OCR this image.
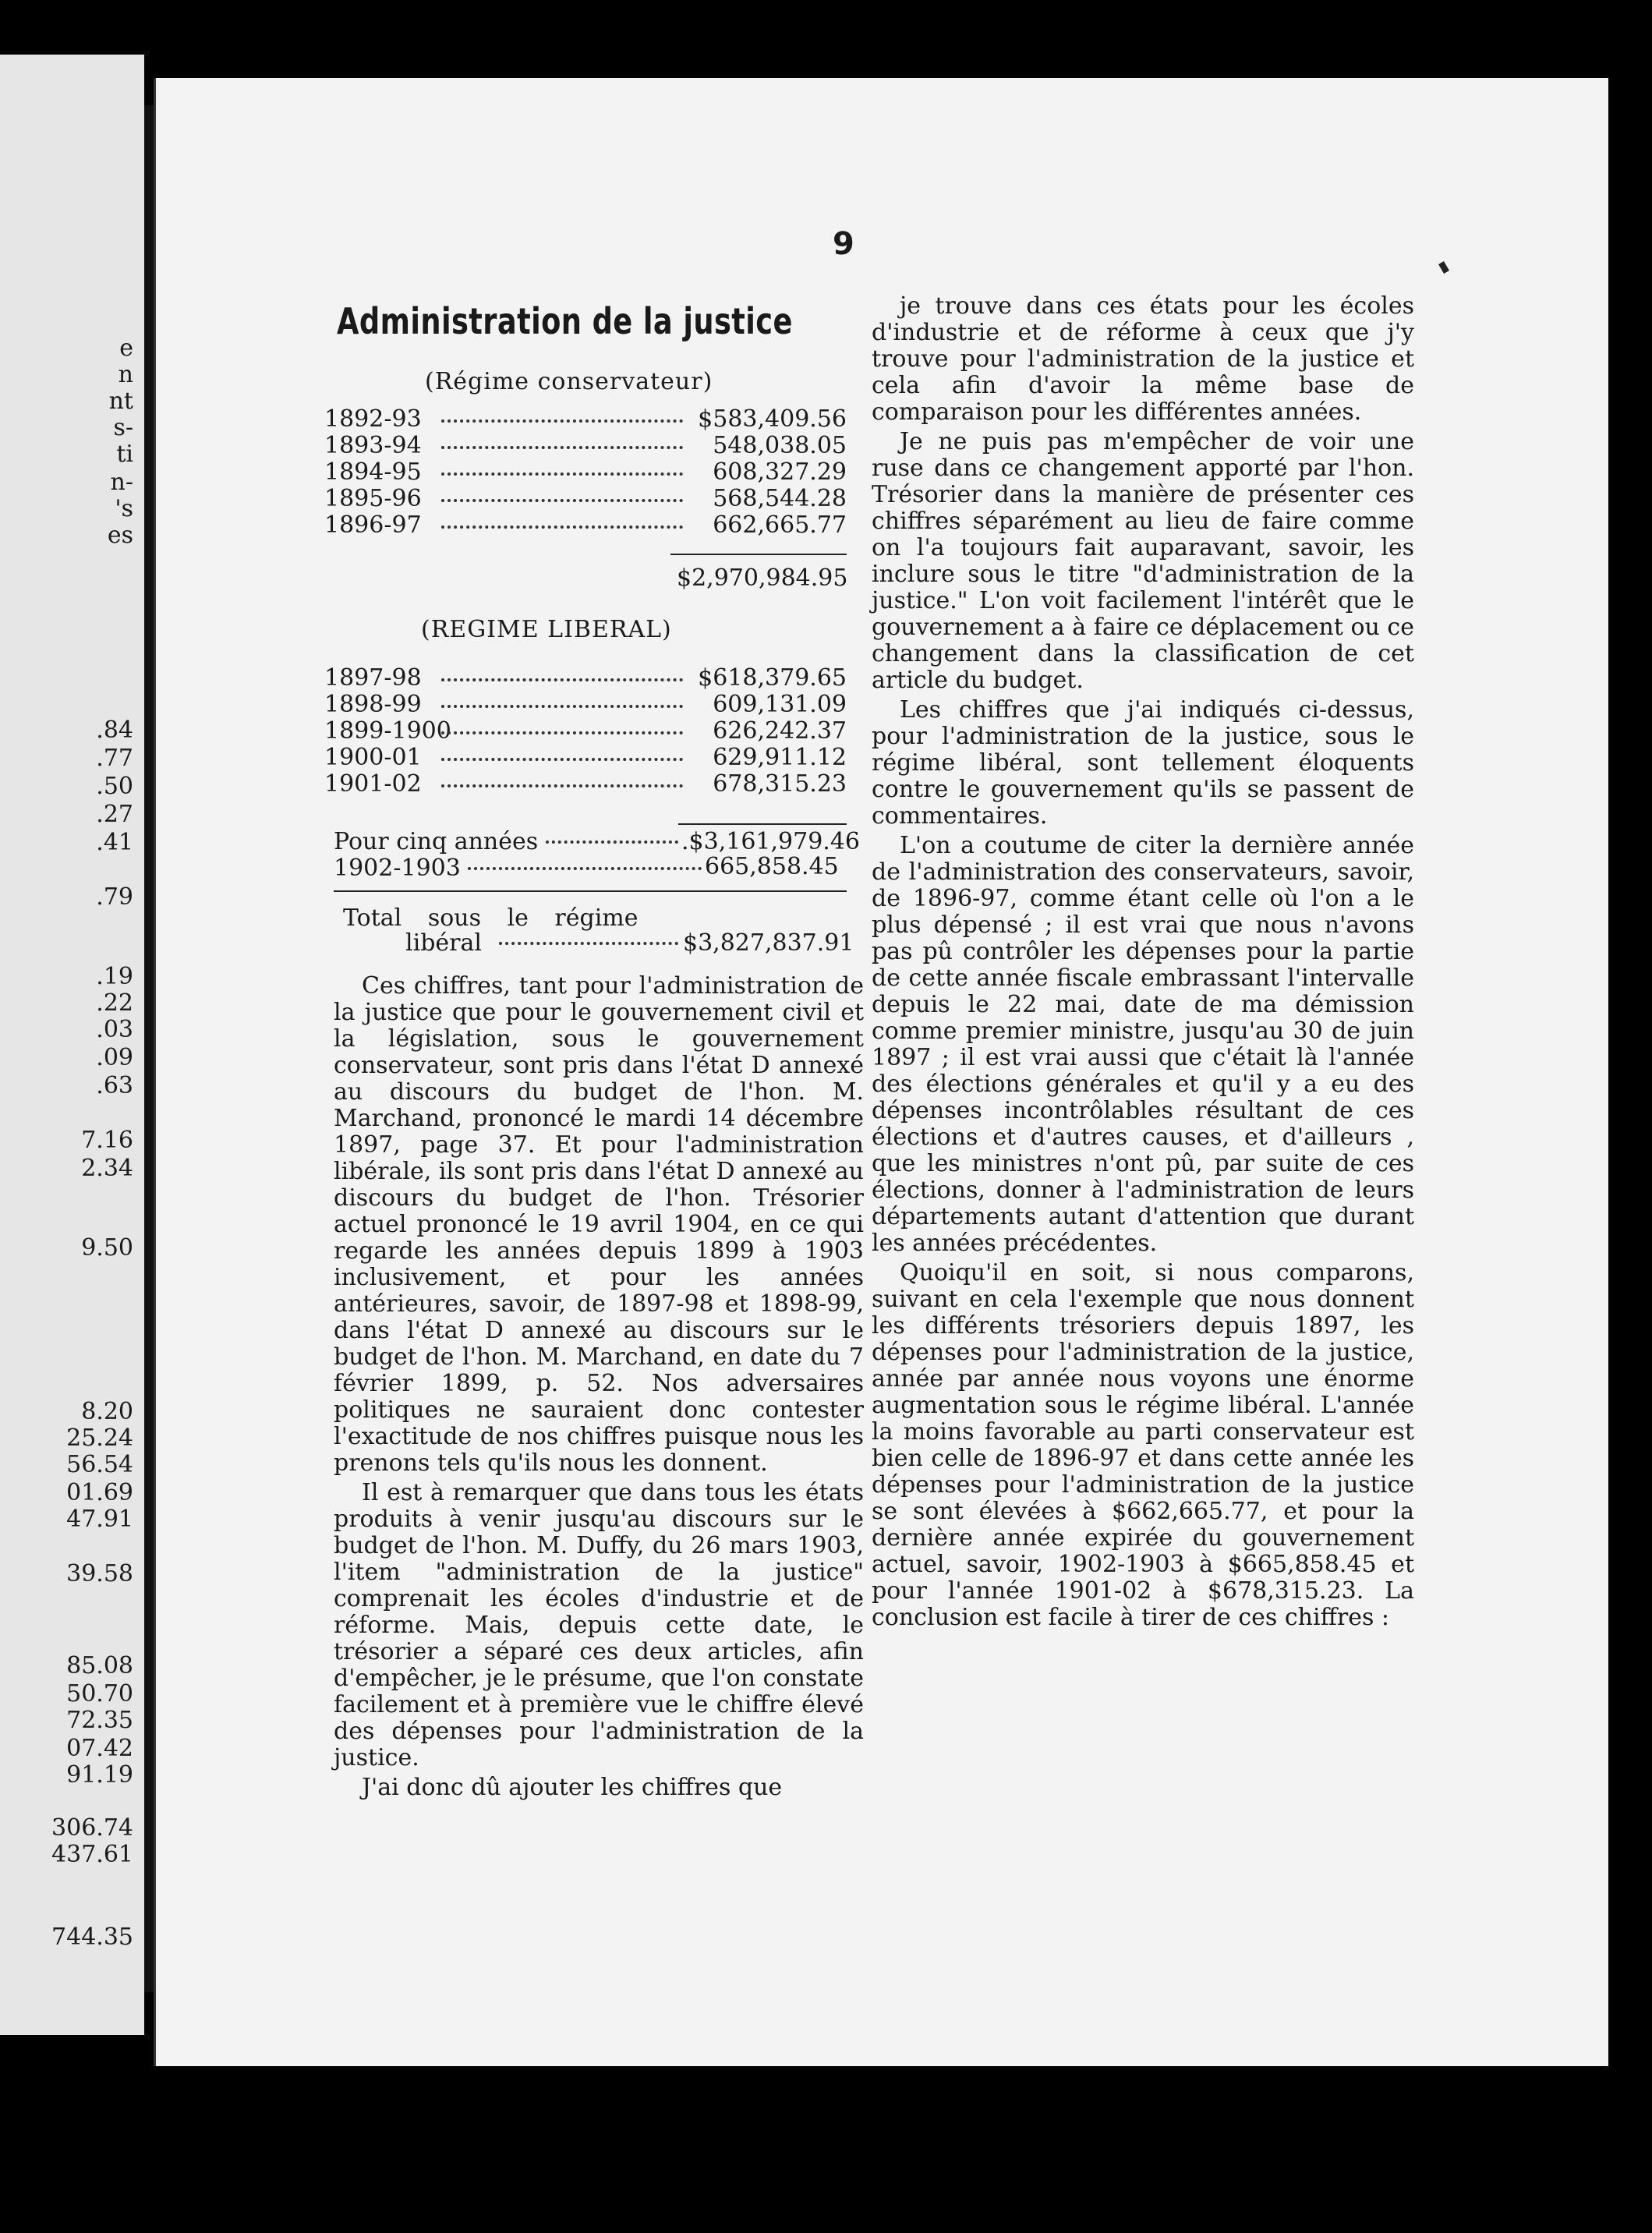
e
n
nt
s-
ti
n-
's
es
.84
.77
.50
.27
.41
.79
.19
.22
.03
.09
.63
7.16
2.34
9.50
8.20
25.24
56.54
01.69
47.91
39.58
85.08
50.70
72.35
07.42
91.19
306.74
437.61
744.35
9
Administration de la justice
(Régime conservateur)
1892-93	$583,409.56
1893-94	548,038.05
1894-95	608,327.29
1895-96	568,544.28
1896-97	662,665.77
$2,970,984.95
(REGIME LIBERAL)
1897-98	$618,379.65
1898-99	609,131.09
1899-1900	626,242.37
1900-01	629,911.12
1901-02	678,315.23
Pour cinq années	.$3,161,979.46
1902-1903	665,858.45
Total sous le régime
libéral	$3,827,837.91

Ces chiffres, tant pour l'administration de la justice que pour le gouvernement civil et la législation, sous le gouvernement conservateur, sont pris dans l'état D annexé au discours du budget de l'hon. M. Marchand, prononcé le mardi 14 décembre 1897, page 37. Et pour l'administration libérale, ils sont pris dans l'état D annexé au discours du budget de l'hon. Trésorier actuel prononcé le 19 avril 1904, en ce qui regarde les années depuis 1899 à 1903 inclusivement, et pour les années antérieures, savoir, de 1897-98 et 1898-99, dans l'état D annexé au discours sur le budget de l'hon. M. Marchand, en date du 7 février 1899, p. 52. Nos adversaires politiques ne sauraient donc contester l'exactitude de nos chiffres puisque nous les prenons tels qu'ils nous les donnent.

Il est à remarquer que dans tous les états produits à venir jusqu'au discours sur le budget de l'hon. M. Duffy, du 26 mars 1903, l'item "administration de la justice" comprenait les écoles d'industrie et de réforme. Mais, depuis cette date, le trésorier a séparé ces deux articles, afin d'empêcher, je le présume, que l'on constate facilement et à première vue le chiffre élevé des dépenses pour l'administration de la justice.

J'ai donc dû ajouter les chiffres que

je trouve dans ces états pour les écoles d'industrie et de réforme à ceux que j'y trouve pour l'administration de la justice et cela afin d'avoir la même base de comparaison pour les différentes années.

Je ne puis pas m'empêcher de voir une ruse dans ce changement apporté par l'hon. Trésorier dans la manière de présenter ces chiffres séparément au lieu de faire comme on l'a toujours fait auparavant, savoir, les inclure sous le titre "d'administration de la justice." L'on voit facilement l'intérêt que le gouvernement a à faire ce déplacement ou ce changement dans la classification de cet article du budget.

Les chiffres que j'ai indiqués ci-dessus, pour l'administration de la justice, sous le régime libéral, sont tellement éloquents contre le gouvernement qu'ils se passent de commentaires.

L'on a coutume de citer la dernière année de l'administration des conservateurs, savoir, de 1896-97, comme étant celle où l'on a le plus dépensé ; il est vrai que nous n'avons pas pû contrôler les dépenses pour la partie de cette année fiscale embrassant l'intervalle depuis le 22 mai, date de ma démission comme premier ministre, jusqu'au 30 de juin 1897 ; il est vrai aussi que c'était là l'année des élections générales et qu'il y a eu des dépenses incontrôlables résultant de ces élections et d'autres causes, et d'ailleurs , que les ministres n'ont pû, par suite de ces élections, donner à l'administration de leurs départements autant d'attention que durant les années précédentes.

Quoiqu'il en soit, si nous comparons, suivant en cela l'exemple que nous donnent les différents trésoriers depuis 1897, les dépenses pour l'administration de la justice, année par année nous voyons une énorme augmentation sous le régime libéral. L'année la moins favorable au parti conservateur est bien celle de 1896-97 et dans cette année les dépenses pour l'administration de la justice se sont élevées à $662,665.77, et pour la dernière année expirée du gouvernement actuel, savoir, 1902-1903 à $665,858.45 et pour l'année 1901-02 à $678,315.23. La conclusion est facile à tirer de ces chiffres :
